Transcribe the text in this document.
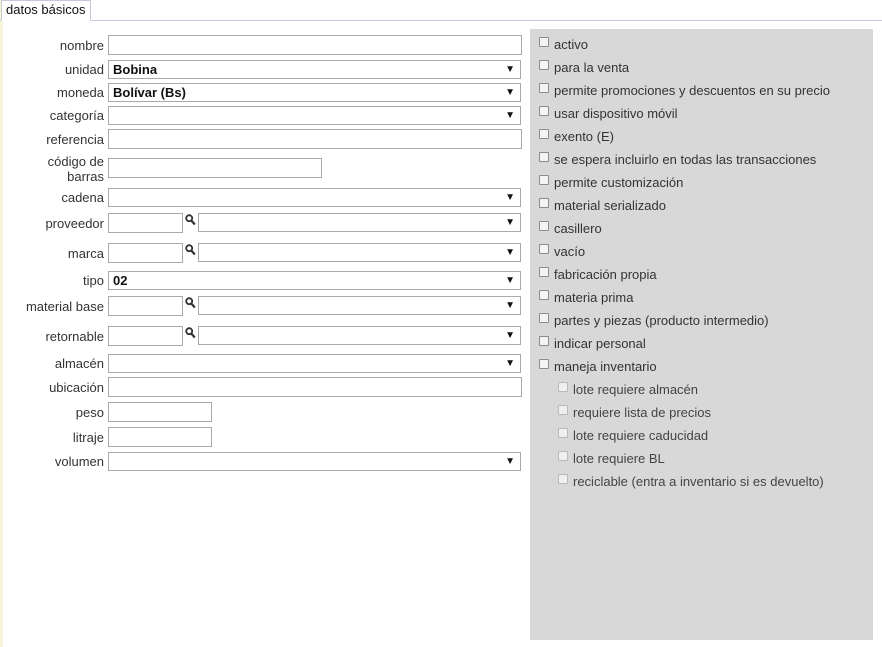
datos básicos
nombre
unidad Bobina	▼
moneda Bolívar (Bs)	▼
categoría	▼
referencia
código de
barras
cadena	▼
proveedor	▼
marca	▼
tipo 02	▼
material base	▼
retornable	▼
almacén	▼
ubicación
peso
litraje
volumen	▼
activo
para la venta
permite promociones y descuentos en su precio
usar dispositivo móvil
exento (E)
se espera incluirlo en todas las transacciones
permite customización
material serializado
casillero
vacío
fabricación propia
materia prima
partes y piezas (producto intermedio)
indicar personal
maneja inventario
lote requiere almacén
requiere lista de precios
lote requiere caducidad
lote requiere BL
reciclable (entra a inventario si es devuelto)
